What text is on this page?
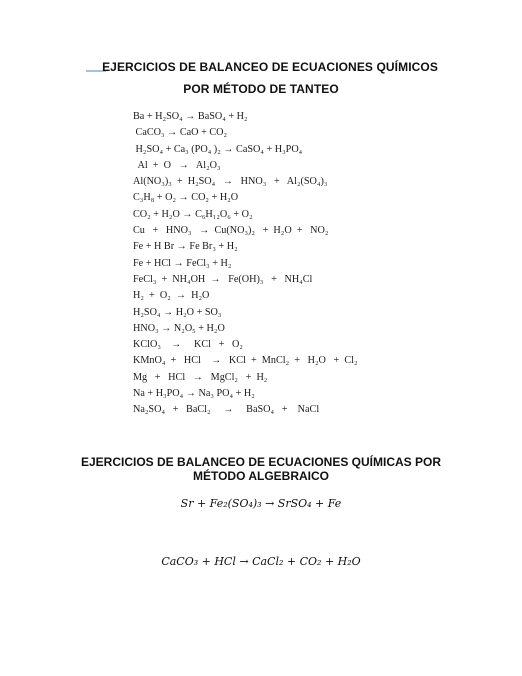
EJERCICIOS DE BALANCEO DE ECUACIONES QUÍMICOS
POR MÉTODO DE TANTEO
Ba + H₂SO₄ → BaSO₄ + H₂
CaCO₃ → CaO + CO₂
H₂SO₄ + Ca₃ (PO₄ )₂ → CaSO₄ + H₃PO₄
Al  +  O   →   Al₂O₃
Al(NO₃)₃  +  H₂SO₄   →   HNO₃   +   Al₂(SO₄)₃
C₃H₈ + O₂ → CO₂ + H₂O
CO₂ + H₂O → C₆H₁₂O₆ + O₂
Cu   +   HNO₃   →  Cu(NO₃)₂   +  H₂O  +   NO₂
Fe + H Br → Fe Br₃ + H₂
Fe + HCl → FeCl₃ + H₂
FeCl₃  +  NH₄OH  →   Fe(OH)₃   +   NH₄Cl
H₂  +  O₂  →  H₂O
H₂SO₄ → H₂O + SO₃
HNO₃ → N₂O₅ + H₂O
KClO₃    →     KCl   +   O₂
KMnO₄  +   HCl    →   KCl  +  MnCl₂  +   H₂O   +  Cl₂
Mg   +   HCl   →   MgCl₂   +  H₂
Na + H₃PO₄ → Na₃ PO₄ + H₂
Na₂SO₄   +   BaCl₂     →     BaSO₄   +    NaCl
EJERCICIOS DE BALANCEO DE ECUACIONES QUÍMICAS POR
MÉTODO ALGEBRAICO
Sr + Fe₂(SO₄)₃ → SrSO₄ + Fe
CaCO₃ + HCl → CaCl₂ + CO₂ + H₂O
